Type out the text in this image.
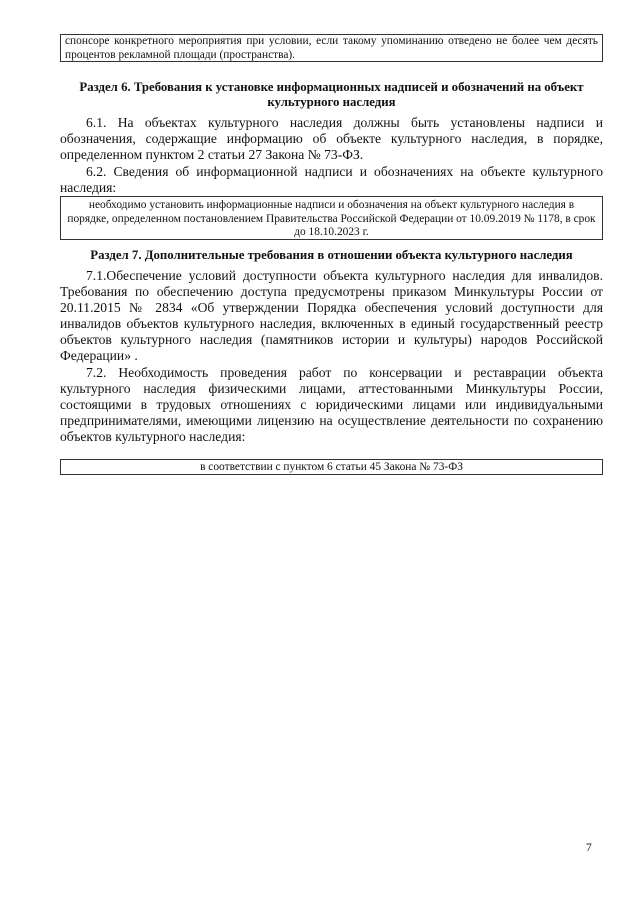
спонсоре конкретного мероприятия при условии, если такому упоминанию отведено не более чем десять процентов рекламной площади (пространства).
Раздел 6. Требования к установке информационных надписей и обозначений на объект культурного наследия

6.1. На объектах культурного наследия должны быть установлены надписи и обозначения, содержащие информацию об объекте культурного наследия, в порядке, определенном пунктом 2 статьи 27 Закона № 73-ФЗ.

6.2. Сведения об информационной надписи и обозначениях на объекте культурного наследия:

необходимо установить информационные надписи и обозначения на объект культурного наследия в порядке, определенном постановлением Правительства Российской Федерации от 10.09.2019 № 1178, в срок до 18.10.2023 г.
Раздел 7. Дополнительные требования в отношении объекта культурного наследия

7.1.Обеспечение условий доступности объекта культурного наследия для инвалидов. Требования по обеспечению доступа предусмотрены приказом Минкультуры России от 20.11.2015 № 2834 «Об утверждении Порядка обеспечения условий доступности для инвалидов объектов культурного наследия, включенных в единый государственный реестр объектов культурного наследия (памятников истории и культуры) народов Российской Федерации» .

7.2. Необходимость проведения работ по консервации и реставрации объекта культурного наследия физическими лицами, аттестованными Минкультуры России, состоящими в трудовых отношениях с юридическими лицами или индивидуальными предпринимателями, имеющими лицензию на осуществление деятельности по сохранению объектов культурного наследия:

в соответствии с пунктом 6 статьи 45 Закона № 73-ФЗ
7
